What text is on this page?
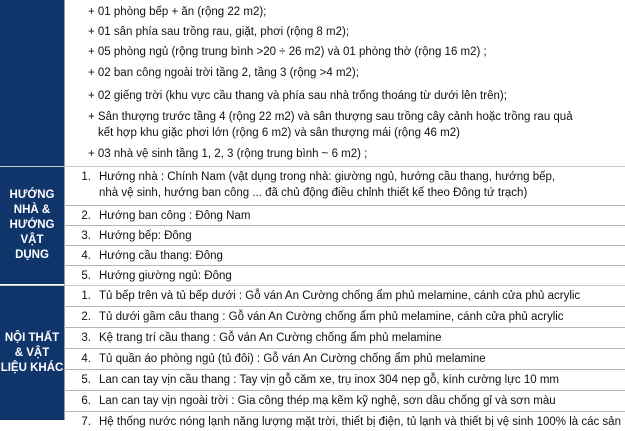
HƯỚNG
NHÀ &
HƯỚNG
VẬT
DỤNG
NỘI THẤT
& VẬT
LIỆU KHÁC
+ 01 phòng bếp + ăn (rộng 22 m2);
+ 01 sân phía sau trồng rau, giặt, phơi (rộng 8 m2);
+ 05 phòng ngủ (rộng trung bình >20 ÷ 26 m2) và 01 phòng thờ (rộng 16 m2) ;
+ 02 ban công ngoài trời tầng 2, tầng 3 (rộng >4 m2);
+ 02 giếng trời (khu vực cầu thang và phía sau nhà trống thoáng từ dưới lên trên);
+ Sân thượng trước tầng 4 (rộng 22 m2) và sân thượng sau trồng cây cảnh hoặc trồng rau quả
kết hợp khu giặc phơi lớn (rộng 6 m2) và sân thượng mái (rộng 46 m2)
+ 03 nhà vệ sinh tầng 1, 2, 3 (rộng trung bình ~ 6 m2) ;
1. Hướng nhà : Chính Nam (vật dụng trong nhà: giường ngủ, hướng cầu thang, hướng bếp,
nhà vệ sinh, hướng ban công ... đã chủ động điều chỉnh thiết kế theo Đông tứ trạch)
2. Hướng ban công : Đông Nam
3. Hướng bếp: Đông
4. Hướng cầu thang: Đông
5. Hướng giường ngủ: Đông
1. Tủ bếp trên và tủ bếp dưới : Gỗ ván An Cường chống ẩm phủ melamine, cánh cửa phủ acrylic
2. Tủ dưới gầm câu thang : Gỗ ván An Cường chống ẩm phủ melamine, cánh cửa phủ acrylic
3. Kệ trang trí cầu thang : Gỗ ván An Cường chống ẩm phủ melamine
4. Tủ quần áo phòng ngủ (tủ đôi) : Gỗ ván An Cường chống ẩm phủ melamine
5. Lan can tay vịn cầu thang : Tay vịn gỗ căm xe, trụ inox 304 nẹp gỗ, kính cường lực 10 mm
6. Lan can tay vịn ngoài trời : Gia công thép mạ kẽm kỹ nghệ, sơn dầu chống gỉ và sơn màu
7. Hệ thống nước nóng lạnh năng lượng mặt trời, thiết bị điện, tủ lạnh và thiết bị vệ sinh 100% là các sản
